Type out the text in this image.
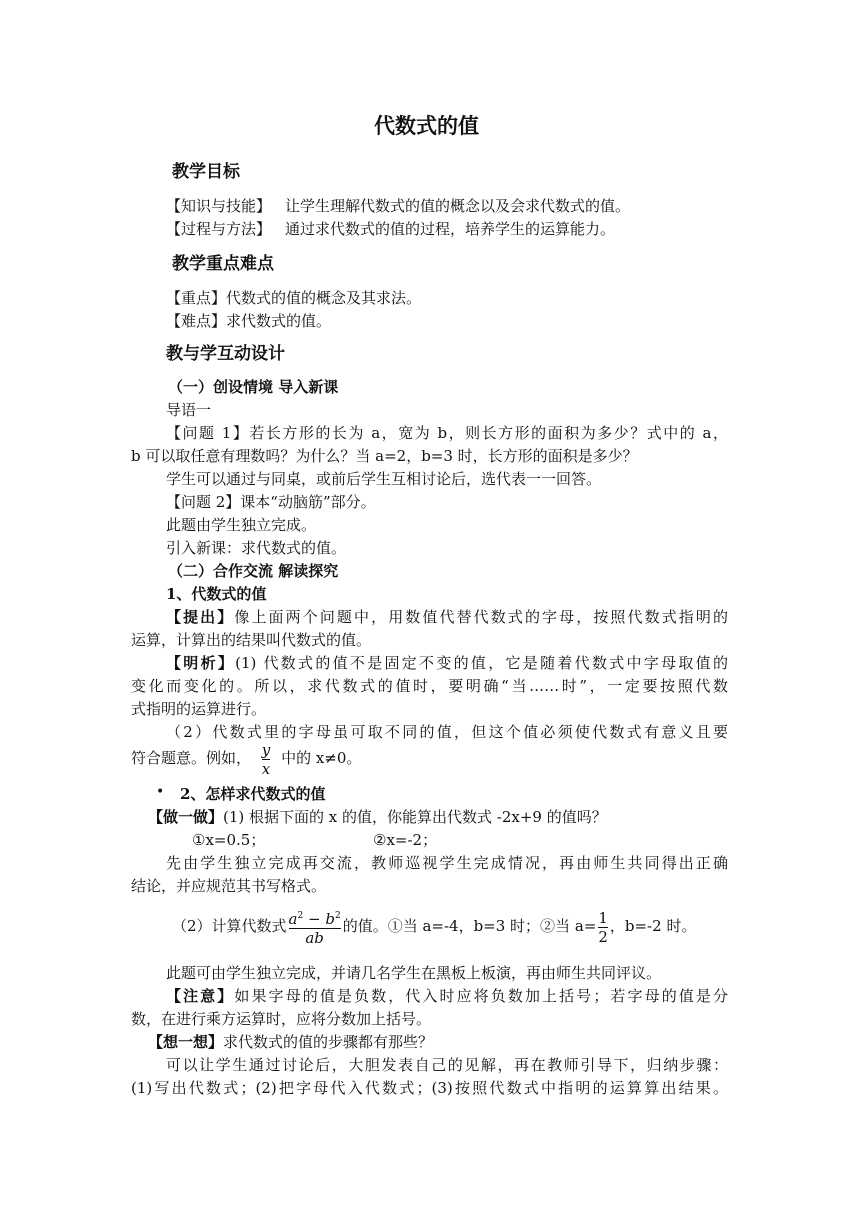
代数式的值
教学目标
【知识与技能】 让学生理解代数式的值的概念以及会求代数式的值。
【过程与方法】 通过求代数式的值的过程，培养学生的运算能力。
教学重点难点
【重点】代数式的值的概念及其求法。
【难点】求代数式的值。
教与学互动设计
（一）创设情境 导入新课
导语一
【问题 1】若长方形的长为 a，宽为 b，则长方形的面积为多少？式中的 a，
b 可以取任意有理数吗？为什么？当 a=2，b=3 时，长方形的面积是多少？
学生可以通过与同桌，或前后学生互相讨论后，选代表一一回答。
【问题 2】课本“动脑筋”部分。
此题由学生独立完成。
引入新课：求代数式的值。
（二）合作交流 解读探究
1、代数式的值
【提出】像上面两个问题中，用数值代替代数式的字母，按照代数式指明的
运算，计算出的结果叫代数式的值。
【明析】(1) 代数式的值不是固定不变的值，它是随着代数式中字母取值的
变化而变化的。所以，求代数式的值时，要明确“当……时”，一定要按照代数
式指明的运算进行。
（2）代数式里的字母虽可取不同的值，但这个值必须使代数式有意义且要
符合题意。例如， $\frac{y}{x}$ 中的 x≠0。
• 2、怎样求代数式的值
【做一做】(1) 根据下面的 x 的值，你能算出代数式 -2x+9 的值吗？
①x=0.5；	②x=-2；
先由学生独立完成再交流，教师巡视学生完成情况，再由师生共同得出正确
结论，并应规范其书写格式。
（2）计算代数式 $\frac{a^2 - b^2}{ab}$ 的值。①当 a=-4，b=3 时；②当 $a= \frac{1}{2}$ ，b=-2 时。
此题可由学生独立完成，并请几名学生在黑板上板演，再由师生共同评议。
【注意】如果字母的值是负数，代入时应将负数加上括号；若字母的值是分
数，在进行乘方运算时，应将分数加上括号。
【想一想】求代数式的值的步骤都有那些？
可以让学生通过讨论后，大胆发表自己的见解，再在教师引导下，归纳步骤：
(1)写出代数式；(2)把字母代入代数式；(3)按照代数式中指明的运算算出结果。
